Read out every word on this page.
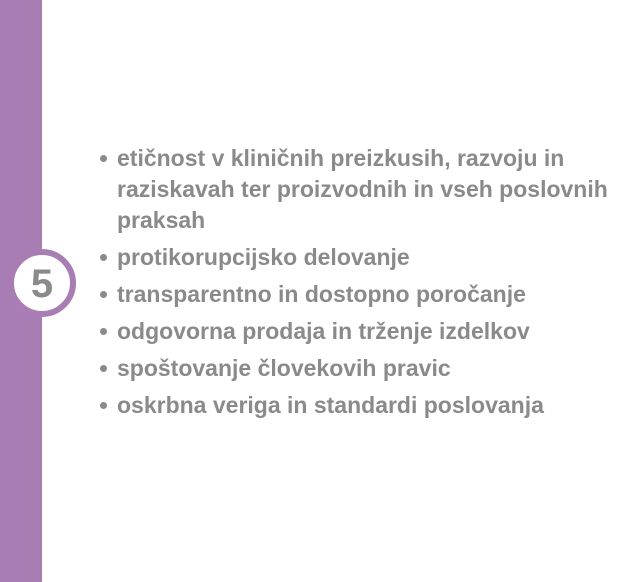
5
etičnost v kliničnih preizkusih, razvoju in raziskavah ter proizvodnih in vseh poslovnih praksah
protikorupcijsko delovanje
transparentno in dostopno poročanje
odgovorna prodaja in trženje izdelkov
spoštovanje človekovih pravic
oskrbna veriga in standardi poslovanja
